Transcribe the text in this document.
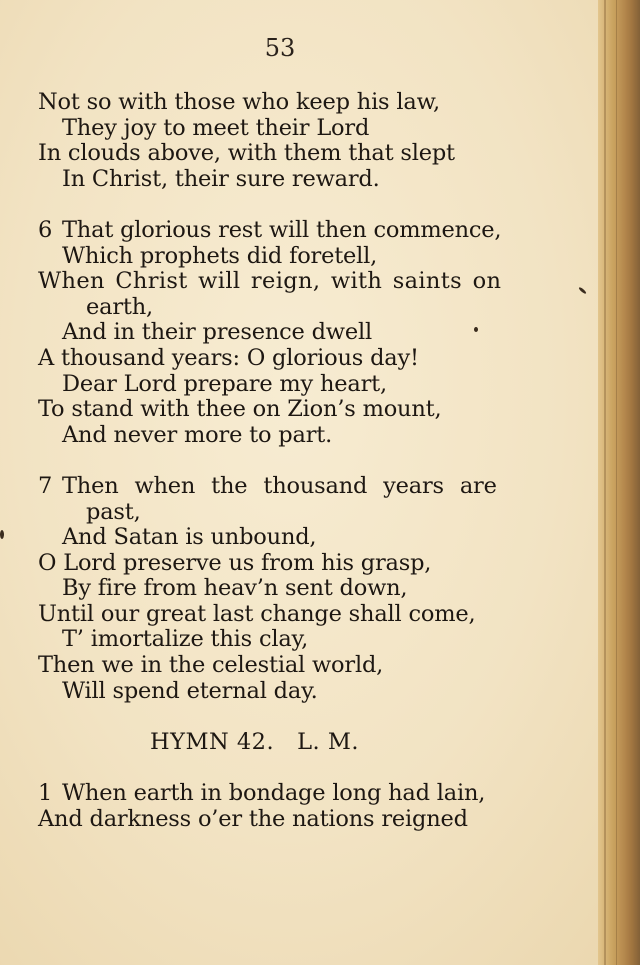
53
Not so with those who keep his law,
They joy to meet their Lord
In clouds above, with them that slept
In Christ, their sure reward.
6 That glorious rest will then commence,
Which prophets did foretell,
When Christ will reign, with saints on
earth,
And in their presence dwell
A thousand years: O glorious day!
Dear Lord prepare my heart,
To stand with thee on Zion’s mount,
And never more to part.
7 Then when the thousand years are
past,
And Satan is unbound,
O Lord preserve us from his grasp,
By fire from heav’n sent down,
Until our great last change shall come,
T’ imortalize this clay,
Then we in the celestial world,
Will spend eternal day.
HYMN 42.   L. M.
1 When earth in bondage long had lain,
And darkness o’er the nations reigned
